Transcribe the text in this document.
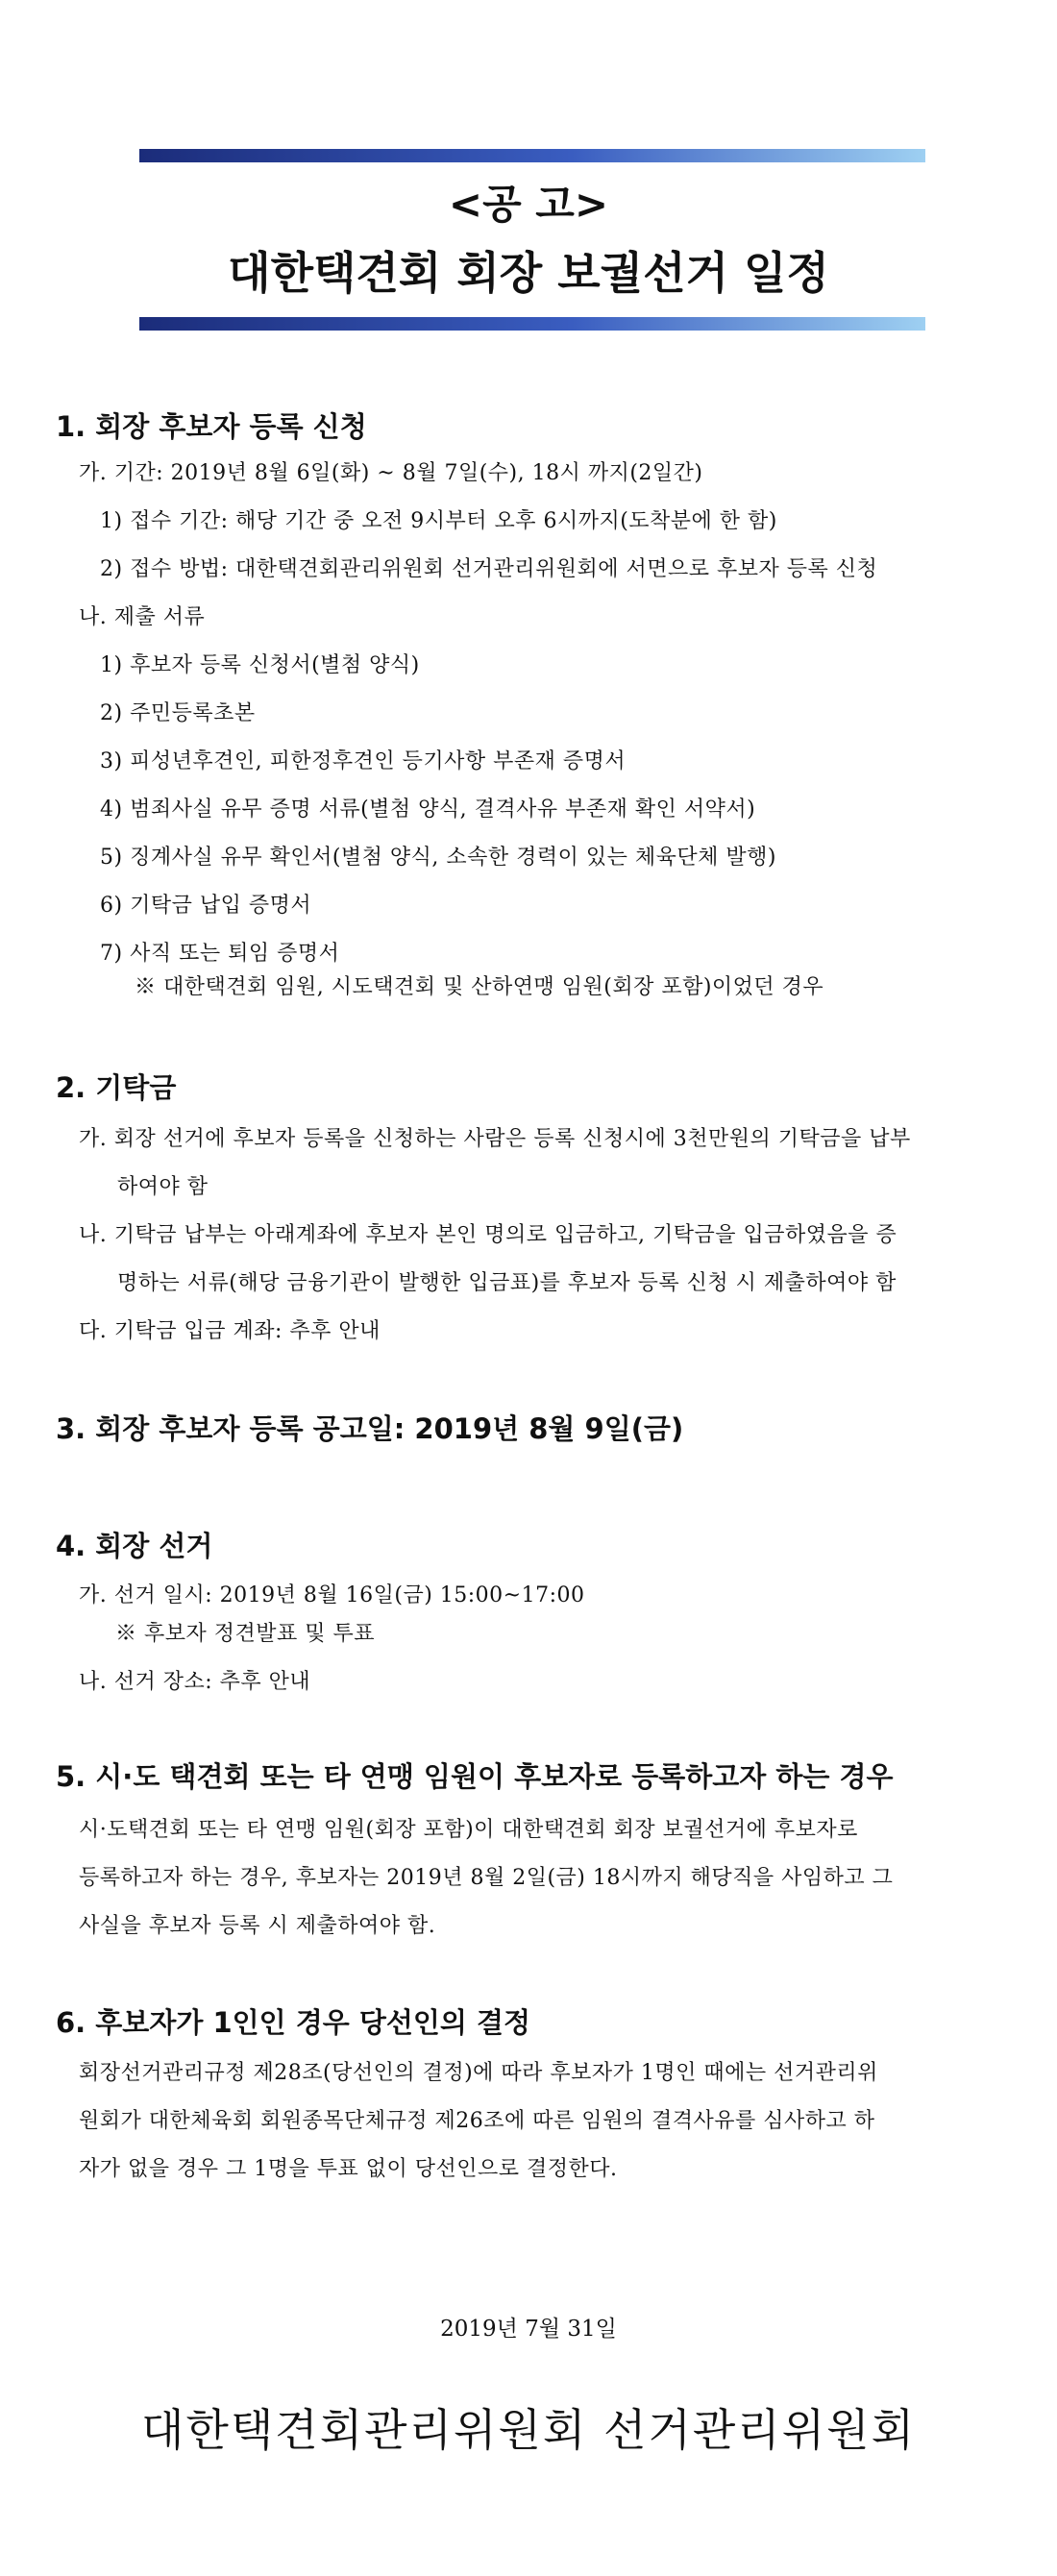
<공 고>
대한택견회 회장 보궐선거 일정
1. 회장 후보자 등록 신청
가. 기간: 2019년 8월 6일(화) ~ 8월 7일(수), 18시 까지(2일간)
1) 접수 기간: 해당 기간 중 오전 9시부터 오후 6시까지(도착분에 한 함)
2) 접수 방법: 대한택견회관리위원회 선거관리위원회에 서면으로 후보자 등록 신청
나. 제출 서류
1) 후보자 등록 신청서(별첨 양식)
2) 주민등록초본
3) 피성년후견인, 피한정후견인 등기사항 부존재 증명서
4) 범죄사실 유무 증명 서류(별첨 양식, 결격사유 부존재 확인 서약서)
5) 징계사실 유무 확인서(별첨 양식, 소속한 경력이 있는 체육단체 발행)
6) 기탁금 납입 증명서
7) 사직 또는 퇴임 증명서
※ 대한택견회 임원, 시도택견회 및 산하연맹 임원(회장 포함)이었던 경우
2. 기탁금
가. 회장 선거에 후보자 등록을 신청하는 사람은 등록 신청시에 3천만원의 기탁금을 납부
하여야 함
나. 기탁금 납부는 아래계좌에 후보자 본인 명의로 입금하고, 기탁금을 입금하였음을 증
명하는 서류(해당 금융기관이 발행한 입금표)를 후보자 등록 신청 시 제출하여야 함
다. 기탁금 입금 계좌: 추후 안내
3. 회장 후보자 등록 공고일: 2019년 8월 9일(금)
4. 회장 선거
가. 선거 일시: 2019년 8월 16일(금) 15:00~17:00
※ 후보자 정견발표 및 투표
나. 선거 장소: 추후 안내
5. 시·도 택견회 또는 타 연맹 임원이 후보자로 등록하고자 하는 경우
시·도택견회 또는 타 연맹 임원(회장 포함)이 대한택견회 회장 보궐선거에 후보자로
등록하고자 하는 경우, 후보자는 2019년 8월 2일(금) 18시까지 해당직을 사임하고 그
사실을 후보자 등록 시 제출하여야 함.
6. 후보자가 1인인 경우 당선인의 결정
회장선거관리규정 제28조(당선인의 결정)에 따라 후보자가 1명인 때에는 선거관리위
원회가 대한체육회 회원종목단체규정 제26조에 따른 임원의 결격사유를 심사하고 하
자가 없을 경우 그 1명을 투표 없이 당선인으로 결정한다.
2019년 7월 31일
대한택견회관리위원회 선거관리위원회
